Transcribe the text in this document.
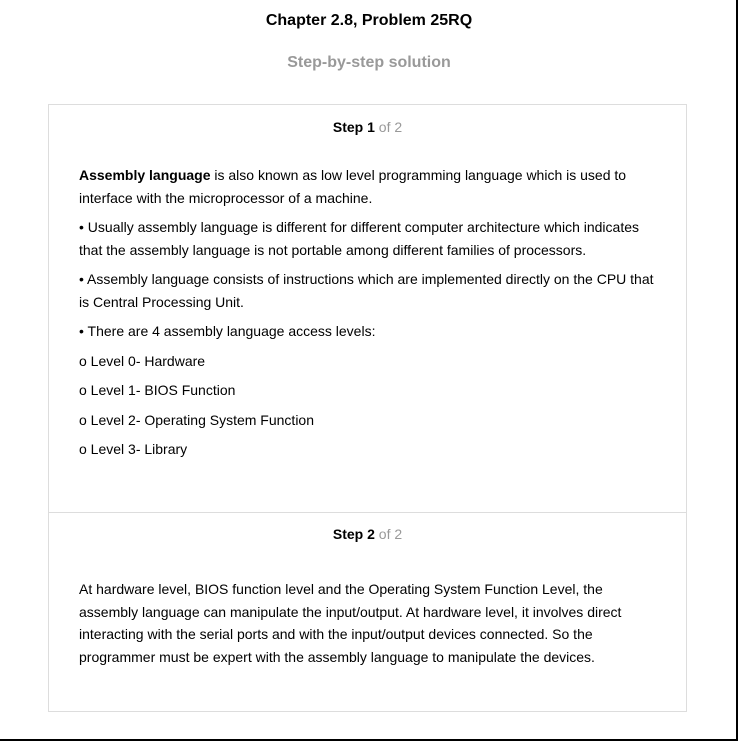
Chapter 2.8, Problem 25RQ
Step-by-step solution
Step 1 of 2

Assembly language is also known as low level programming language which is used to interface with the microprocessor of a machine.

• Usually assembly language is different for different computer architecture which indicates that the assembly language is not portable among different families of processors.

• Assembly language consists of instructions which are implemented directly on the CPU that is Central Processing Unit.

• There are 4 assembly language access levels:

o Level 0- Hardware

o Level 1- BIOS Function

o Level 2- Operating System Function

o Level 3- Library

Step 2 of 2

At hardware level, BIOS function level and the Operating System Function Level, the assembly language can manipulate the input/output. At hardware level, it involves direct interacting with the serial ports and with the input/output devices connected. So the programmer must be expert with the assembly language to manipulate the devices.
